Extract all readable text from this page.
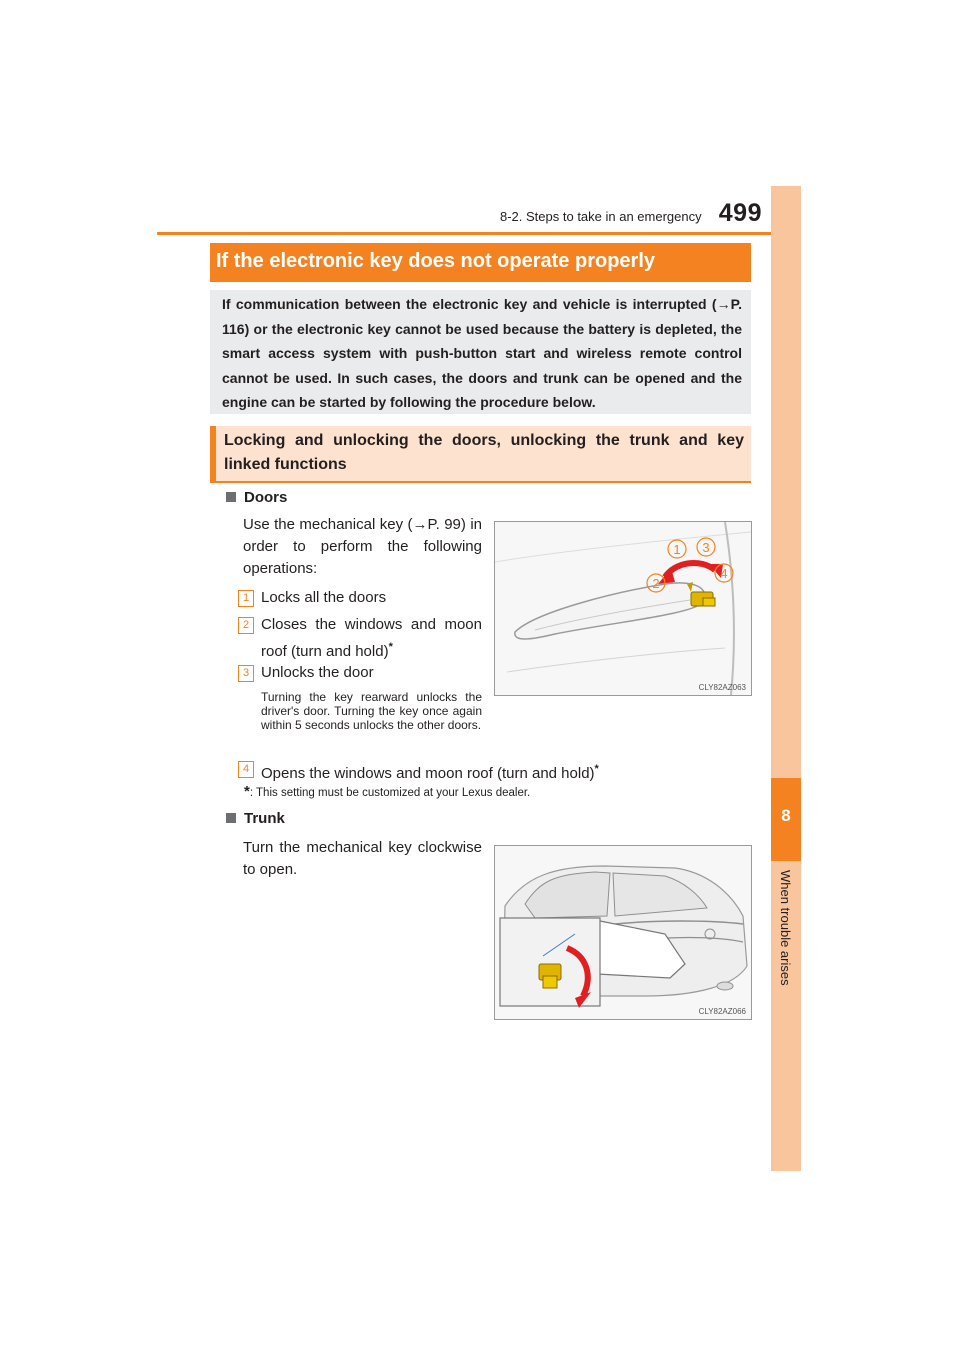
8-2. Steps to take in an emergency 499
8
When trouble arises
If the electronic key does not operate properly
If communication between the electronic key and vehicle is interrupted (→P. 116) or the electronic key cannot be used because the battery is depleted, the smart access system with push-button start and wireless remote control cannot be used. In such cases, the doors and trunk can be opened and the engine can be started by following the procedure below.
Locking and unlocking the doors, unlocking the trunk and key linked functions
Doors
Use the mechanical key (→P. 99) in order to perform the following operations:
1 Locks all the doors
2 Closes the windows and moon roof (turn and hold)*
3 Unlocks the door
Turning the key rearward unlocks the driver's door. Turning the key once again within 5 seconds unlocks the other doors.
4 Opens the windows and moon roof (turn and hold)*
*: This setting must be customized at your Lexus dealer.
1 3
2
4
CLY82AZ063
Trunk
Turn the mechanical key clockwise to open.
CLY82AZ066
